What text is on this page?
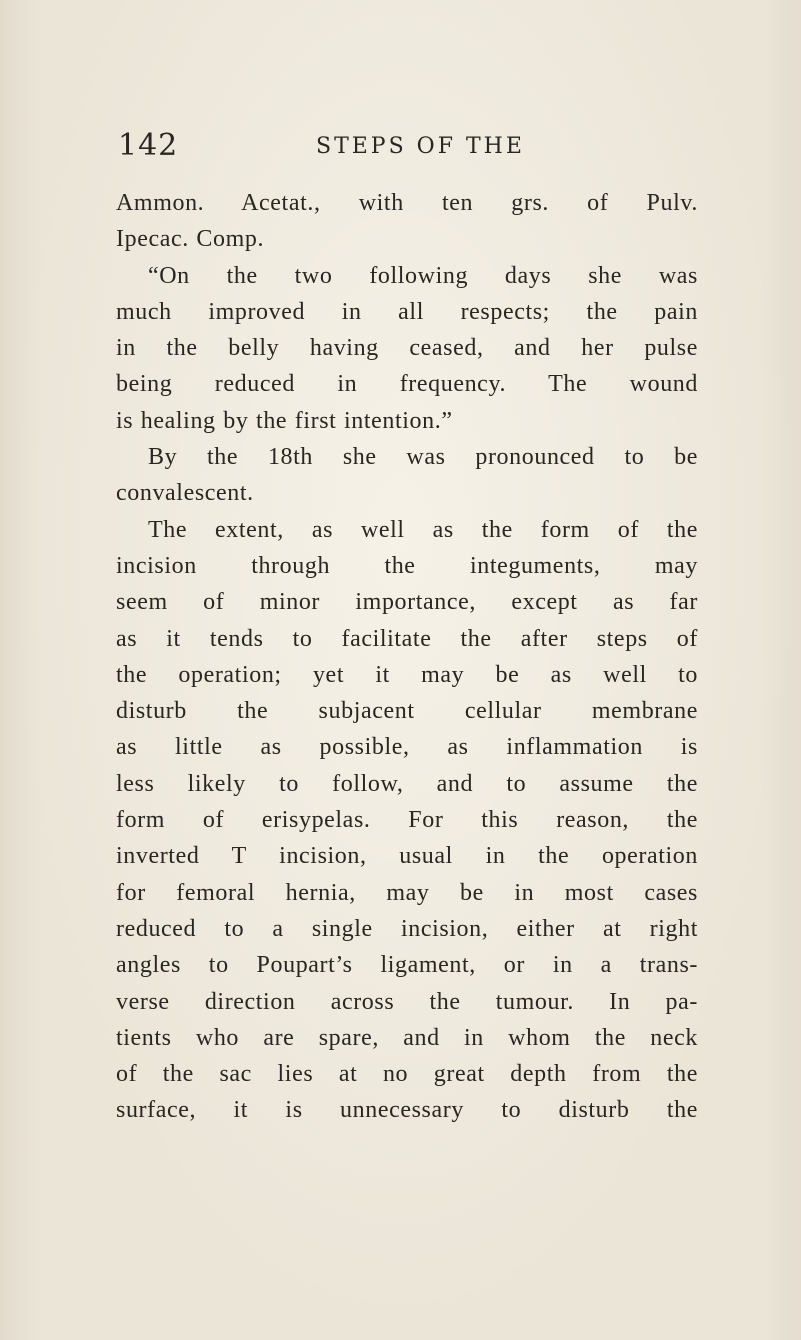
142	STEPS OF THE
Ammon. Acetat., with ten grs. of Pulv.
Ipecac. Comp.
“On the two following days she was
much improved in all respects; the pain
in the belly having ceased, and her pulse
being reduced in frequency. The wound
is healing by the first intention.”
By the 18th she was pronounced to be
convalescent.
The extent, as well as the form of the
incision through the integuments, may
seem of minor importance, except as far
as it tends to facilitate the after steps of
the operation; yet it may be as well to
disturb the subjacent cellular membrane
as little as possible, as inflammation is
less likely to follow, and to assume the
form of erisypelas. For this reason, the
inverted T incision, usual in the operation
for femoral hernia, may be in most cases
reduced to a single incision, either at right
angles to Poupart’s ligament, or in a trans-
verse direction across the tumour. In pa-
tients who are spare, and in whom the neck
of the sac lies at no great depth from the
surface, it is unnecessary to disturb the
